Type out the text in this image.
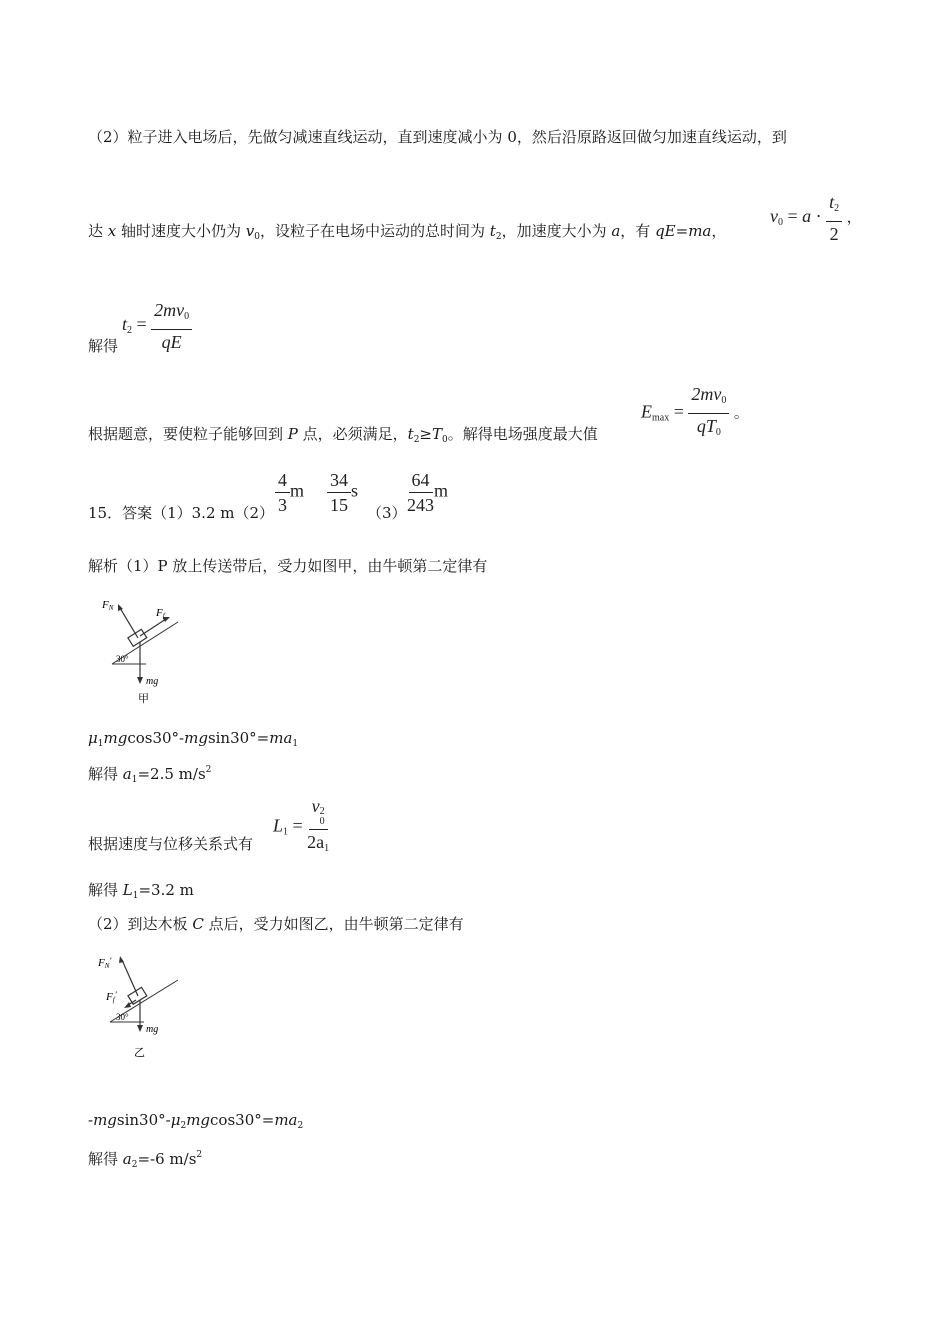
（2）粒子进入电场后，先做匀减速直线运动，直到速度减小为 0，然后沿原路返回做匀加速直线运动，到
达 x 轴时速度大小仍为 $v_0$，设粒子在电场中运动的总时间为 $t_2$，加速度大小为 a，有 qE=ma，
$v0 = a \cdot \frac{t2}{2}$ ，
解得
$t2 = \frac{2mv0}{qE}$
根据题意，要使粒子能够回到 P 点，必须满足，$t_2\ge T_0$。解得电场强度最大值
$Emax = \frac{2mv0}{qT0}$ 。
15．答案（1）3.2 $m(2) \frac{4}{3}$ m $\frac{34}{15}$ s
$(3) \frac{64}{243}$ m
解析（1）P 放上传送带后，受力如图甲，由牛顿第二定律有
FN	Ff
30°
mg
甲
$\mu_1mgcos30^\circ-mgsin30^\circ=ma_1$
解得 $a_1=2.5$ $m/s^2$
根据速度与位移关系式有
L1 = v 2
0
2a1
解得 $L_1=3.2$ m
（2）到达木板 C 点后，受力如图乙，由牛顿第二定律有
FN′
Ff′
30°
mg
乙
$-mgsin30^\circ-\mu_2mgcos30^\circ=ma_2$
解得 $a_2=-6$ $m/s^2$
